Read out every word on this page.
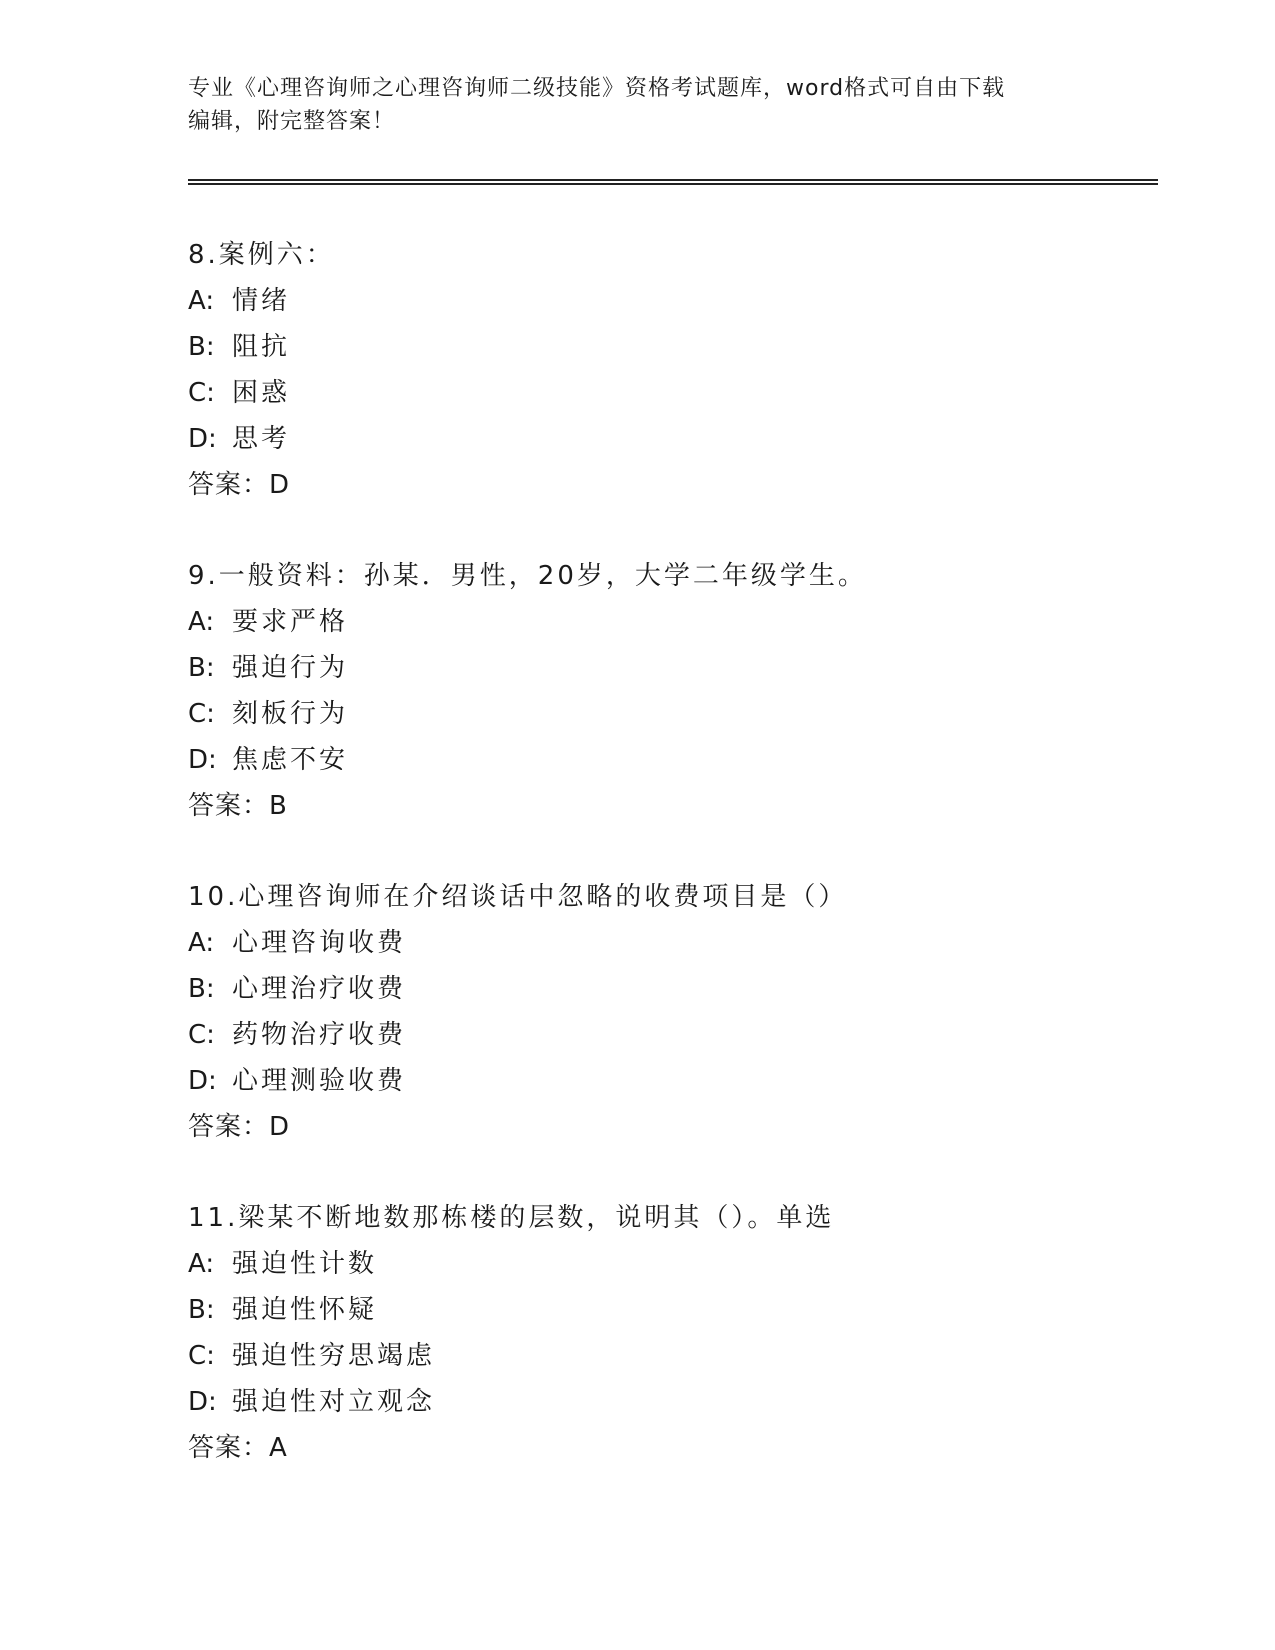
专业《心理咨询师之心理咨询师二级技能》资格考试题库，word格式可自由下载
编辑，附完整答案！
8.案例六：
A: 情绪
B: 阻抗
C: 困惑
D: 思考
答案：D
9.一般资料：孙某．男性，20岁，大学二年级学生。
A: 要求严格
B: 强迫行为
C: 刻板行为
D: 焦虑不安
答案：B
10.心理咨询师在介绍谈话中忽略的收费项目是（）
A: 心理咨询收费
B: 心理治疗收费
C: 药物治疗收费
D: 心理测验收费
答案：D
11.梁某不断地数那栋楼的层数，说明其（）。单选
A: 强迫性计数
B: 强迫性怀疑
C: 强迫性穷思竭虑
D: 强迫性对立观念
答案：A
